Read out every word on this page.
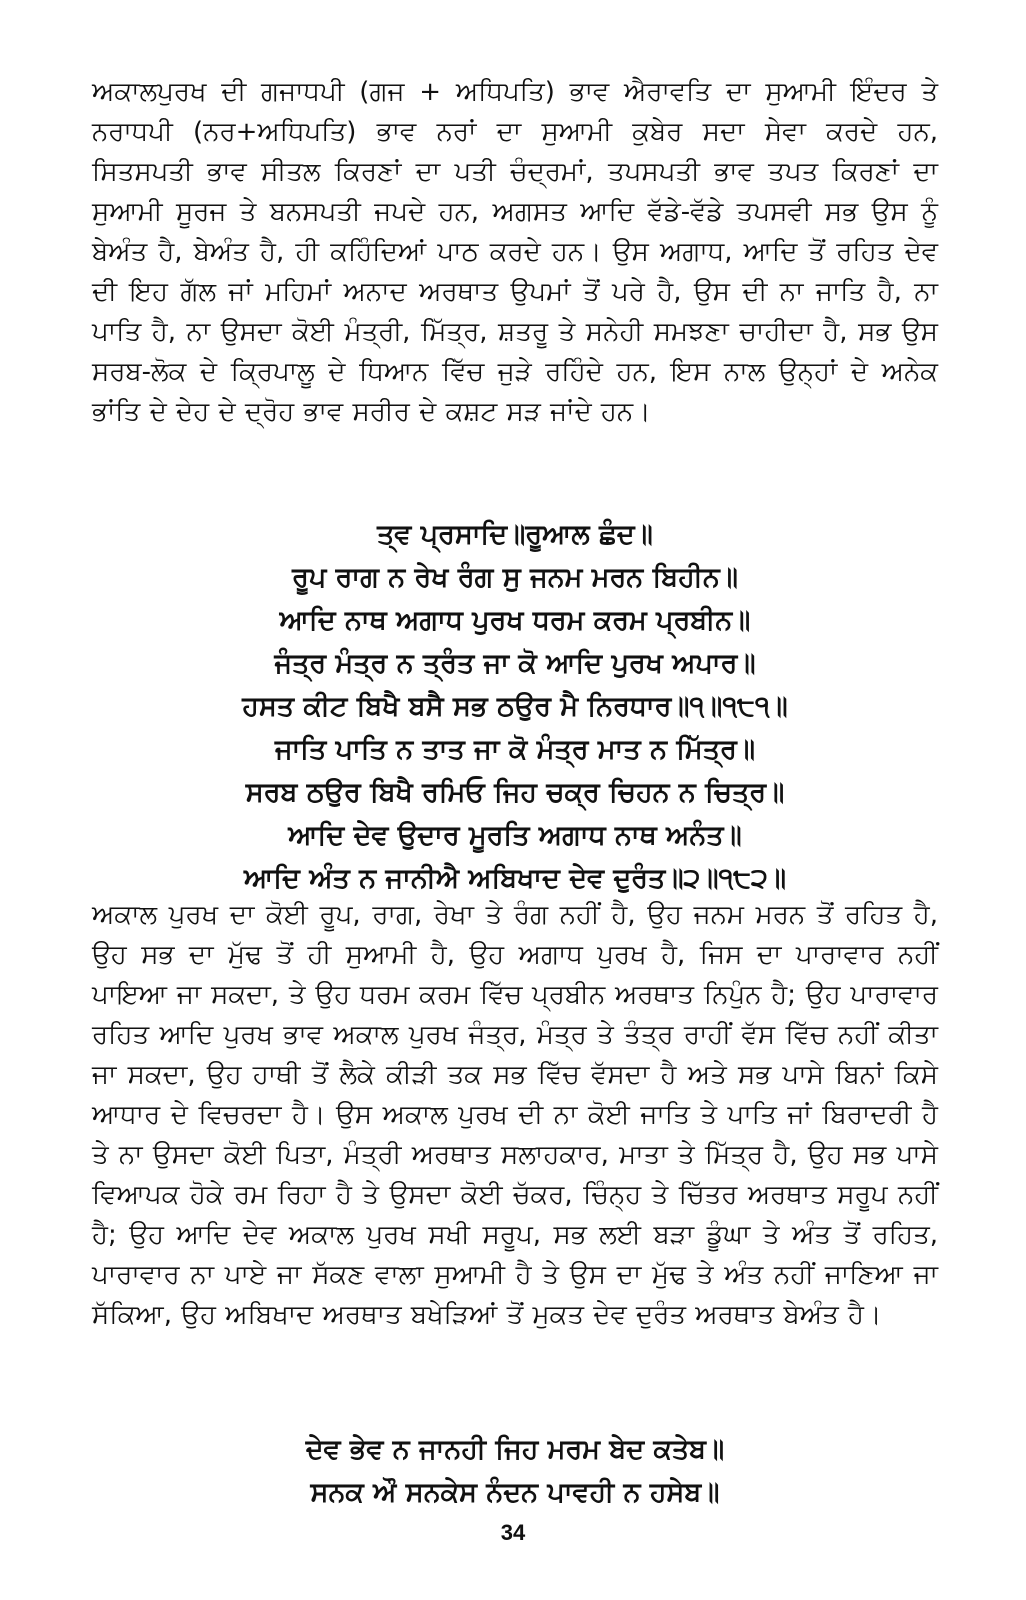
ਅਕਾਲਪੁਰਖ ਦੀ ਗਜਾਧਪੀ (ਗਜ + ਅਧਿਪਤਿ) ਭਾਵ ਐਰਾਵਤਿ ਦਾ ਸੁਆਮੀ ਇੰਦਰ ਤੇ ਨਰਾਧਪੀ (ਨਰ+ਅਧਿਪਤਿ) ਭਾਵ ਨਰਾਂ ਦਾ ਸੁਆਮੀ ਕੁਬੇਰ ਸਦਾ ਸੇਵਾ ਕਰਦੇ ਹਨ, ਸਿਤਸਪਤੀ ਭਾਵ ਸੀਤਲ ਕਿਰਣਾਂ ਦਾ ਪਤੀ ਚੰਦ੍ਰਮਾਂ, ਤਪਸਪਤੀ ਭਾਵ ਤਪਤ ਕਿਰਣਾਂ ਦਾ ਸੁਆਮੀ ਸੂਰਜ ਤੇ ਬਨਸਪਤੀ ਜਪਦੇ ਹਨ, ਅਗਸਤ ਆਦਿ ਵੱਡੇ-ਵੱਡੇ ਤਪਸਵੀ ਸਭ ਉਸ ਨੂੰ ਬੇਅੰਤ ਹੈ, ਬੇਅੰਤ ਹੈ, ਹੀ ਕਹਿੰਦਿਆਂ ਪਾਠ ਕਰਦੇ ਹਨ। ਉਸ ਅਗਾਧ, ਆਦਿ ਤੋਂ ਰਹਿਤ ਦੇਵ ਦੀ ਇਹ ਗੱਲ ਜਾਂ ਮਹਿਮਾਂ ਅਨਾਦ ਅਰਥਾਤ ਉਪਮਾਂ ਤੋਂ ਪਰੇ ਹੈ, ਉਸ ਦੀ ਨਾ ਜਾਤਿ ਹੈ, ਨਾ ਪਾਤਿ ਹੈ, ਨਾ ਉਸਦਾ ਕੋਈ ਮੰਤ੍ਰੀ, ਮਿੱਤ੍ਰ, ਸ਼ਤਰੂ ਤੇ ਸਨੇਹੀ ਸਮਝਣਾ ਚਾਹੀਦਾ ਹੈ, ਸਭ ਉਸ ਸਰਬ-ਲੋਕ ਦੇ ਕ੍ਰਿਪਾਲੂ ਦੇ ਧਿਆਨ ਵਿੱਚ ਜੁੜੇ ਰਹਿੰਦੇ ਹਨ, ਇਸ ਨਾਲ ਉਨ੍ਹਾਂ ਦੇ ਅਨੇਕ ਭਾਂਤਿ ਦੇ ਦੇਹ ਦੇ ਦ੍ਰੋਹ ਭਾਵ ਸਰੀਰ ਦੇ ਕਸ਼ਟ ਸੜ ਜਾਂਦੇ ਹਨ।

ਤ੍ਵ ਪ੍ਰਸਾਦਿ॥ਰੂਆਲ ਛੰਦ॥
ਰੂਪ ਰਾਗ ਨ ਰੇਖ ਰੰਗ ਸੁ ਜਨਮ ਮਰਨ ਬਿਹੀਨ॥
ਆਦਿ ਨਾਥ ਅਗਾਧ ਪੁਰਖ ਧਰਮ ਕਰਮ ਪ੍ਰਬੀਨ॥
ਜੰਤ੍ਰ ਮੰਤ੍ਰ ਨ ਤ੍ਰੰਤ ਜਾ ਕੋ ਆਦਿ ਪੁਰਖ ਅਪਾਰ॥
ਹਸਤ ਕੀਟ ਬਿਖੈ ਬਸੈ ਸਭ ਠਉਰ ਮੈ ਨਿਰਧਾਰ॥੧॥੧੮੧॥
ਜਾਤਿ ਪਾਤਿ ਨ ਤਾਤ ਜਾ ਕੋ ਮੰਤ੍ਰ ਮਾਤ ਨ ਮਿੱਤ੍ਰ॥
ਸਰਬ ਠਉਰ ਬਿਖੈ ਰਮਿਓ ਜਿਹ ਚਕ੍ਰ ਚਿਹਨ ਨ ਚਿਤ੍ਰ॥
ਆਦਿ ਦੇਵ ਉਦਾਰ ਮੂਰਤਿ ਅਗਾਧ ਨਾਥ ਅਨੰਤ॥
ਆਦਿ ਅੰਤ ਨ ਜਾਨੀਐ ਅਬਿਖਾਦ ਦੇਵ ਦੁਰੰਤ॥੨॥੧੮੨॥

ਅਕਾਲ ਪੁਰਖ ਦਾ ਕੋਈ ਰੂਪ, ਰਾਗ, ਰੇਖਾ ਤੇ ਰੰਗ ਨਹੀਂ ਹੈ, ਉਹ ਜਨਮ ਮਰਨ ਤੋਂ ਰਹਿਤ ਹੈ, ਉਹ ਸਭ ਦਾ ਮੁੱਢ ਤੋਂ ਹੀ ਸੁਆਮੀ ਹੈ, ਉਹ ਅਗਾਧ ਪੁਰਖ ਹੈ, ਜਿਸ ਦਾ ਪਾਰਾਵਾਰ ਨਹੀਂ ਪਾਇਆ ਜਾ ਸਕਦਾ, ਤੇ ਉਹ ਧਰਮ ਕਰਮ ਵਿੱਚ ਪ੍ਰਬੀਨ ਅਰਥਾਤ ਨਿਪੁੰਨ ਹੈ; ਉਹ ਪਾਰਾਵਾਰ ਰਹਿਤ ਆਦਿ ਪੁਰਖ ਭਾਵ ਅਕਾਲ ਪੁਰਖ ਜੰਤ੍ਰ, ਮੰਤ੍ਰ ਤੇ ਤੰਤ੍ਰ ਰਾਹੀਂ ਵੱਸ ਵਿੱਚ ਨਹੀਂ ਕੀਤਾ ਜਾ ਸਕਦਾ, ਉਹ ਹਾਥੀ ਤੋਂ ਲੈਕੇ ਕੀੜੀ ਤਕ ਸਭ ਵਿੱਚ ਵੱਸਦਾ ਹੈ ਅਤੇ ਸਭ ਪਾਸੇ ਬਿਨਾਂ ਕਿਸੇ ਆਧਾਰ ਦੇ ਵਿਚਰਦਾ ਹੈ। ਉਸ ਅਕਾਲ ਪੁਰਖ ਦੀ ਨਾ ਕੋਈ ਜਾਤਿ ਤੇ ਪਾਤਿ ਜਾਂ ਬਿਰਾਦਰੀ ਹੈ ਤੇ ਨਾ ਉਸਦਾ ਕੋਈ ਪਿਤਾ, ਮੰਤ੍ਰੀ ਅਰਥਾਤ ਸਲਾਹਕਾਰ, ਮਾਤਾ ਤੇ ਮਿੱਤ੍ਰ ਹੈ, ਉਹ ਸਭ ਪਾਸੇ ਵਿਆਪਕ ਹੋਕੇ ਰਮ ਰਿਹਾ ਹੈ ਤੇ ਉਸਦਾ ਕੋਈ ਚੱਕਰ, ਚਿੰਨ੍ਹ ਤੇ ਚਿੱਤਰ ਅਰਥਾਤ ਸਰੂਪ ਨਹੀਂ ਹੈ; ਉਹ ਆਦਿ ਦੇਵ ਅਕਾਲ ਪੁਰਖ ਸਖੀ ਸਰੂਪ, ਸਭ ਲਈ ਬੜਾ ਡੂੰਘਾ ਤੇ ਅੰਤ ਤੋਂ ਰਹਿਤ, ਪਾਰਾਵਾਰ ਨਾ ਪਾਏ ਜਾ ਸੱਕਣ ਵਾਲਾ ਸੁਆਮੀ ਹੈ ਤੇ ਉਸ ਦਾ ਮੁੱਢ ਤੇ ਅੰਤ ਨਹੀਂ ਜਾਣਿਆ ਜਾ ਸੱਕਿਆ, ਉਹ ਅਬਿਖਾਦ ਅਰਥਾਤ ਬਖੇੜਿਆਂ ਤੋਂ ਮੁਕਤ ਦੇਵ ਦੁਰੰਤ ਅਰਥਾਤ ਬੇਅੰਤ ਹੈ।

ਦੇਵ ਭੇਵ ਨ ਜਾਨਹੀ ਜਿਹ ਮਰਮ ਬੇਦ ਕਤੇਬ॥
ਸਨਕ ਔ ਸਨਕੇਸ ਨੰਦਨ ਪਾਵਹੀ ਨ ਹਸੇਬ॥
34
